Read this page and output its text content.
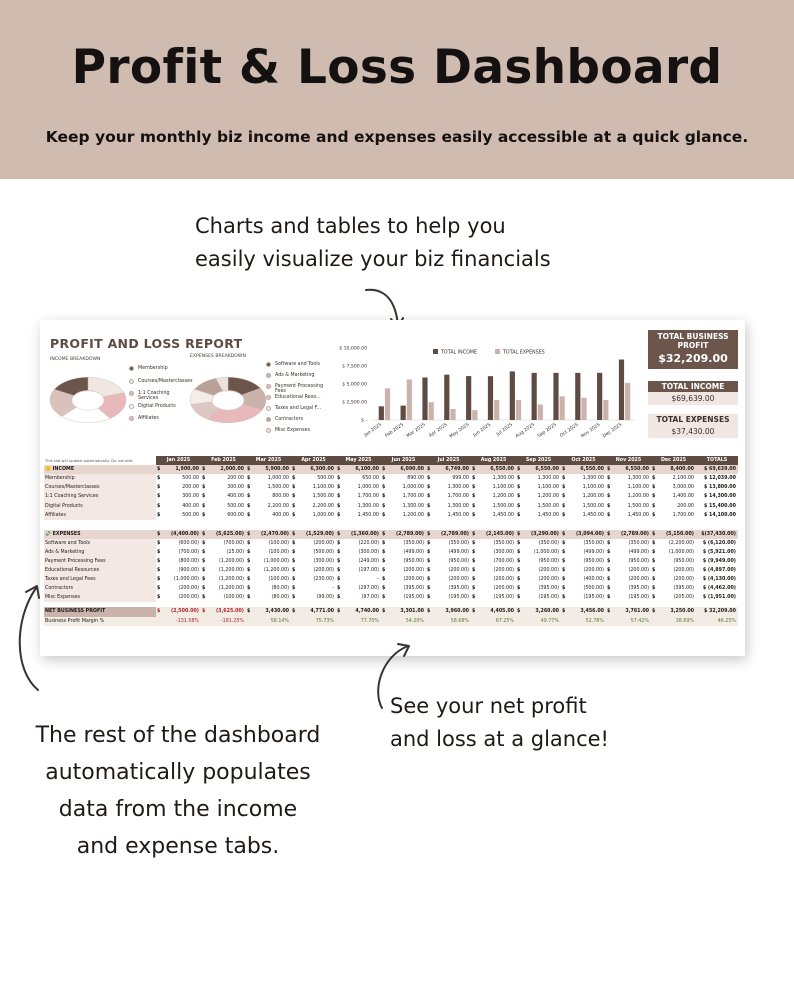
Profit & Loss Dashboard
Keep your monthly biz income and expenses easily accessible at a quick glance.
Charts and tables to help you
easily visualize your biz financials
PROFIT AND LOSS REPORT
INCOME BREAKDOWN
EXPENSES BREAKDOWN
$ -
$ 2,500.00
$ 5,000.00
$ 7,500.00
$ 10,000.00
Jan 2025 Feb 2025 Mar 2025 Apr 2025 May 2025 Jun 2025 Jul 2025 Aug 2025 Sep 2025 Oct 2025 Nov 2025 Dec 2025
TOTAL INCOME	TOTAL EXPENSES
Membership
Courses/Masterclasses
1:1 Coaching Services
Digital Products
Affiliates
Software and Tools
Ads & Marketing
Payment Processing Fees
Educational Reso...
Taxes and Legal F...
Contractors
Misc Expenses
TOTAL BUSINESS PROFIT
$32,209.00
TOTAL INCOME
$69,639.00
TOTAL EXPENSES
$37,430.00
This tab will update automatically. Do not edit.	Jan 2025	Feb 2025	Mar 2025	Apr 2025	May 2025	Jun 2025	Jul 2025	Aug 2025	Sep 2025	Oct 2025	Nov 2025	Dec 2025	TOTALS
🙂 INCOME	$ 1,900.00	$ 2,000.00	$ 5,900.00	$ 6,300.00	$ 6,100.00	$ 6,090.00	$ 6,749.00	$ 6,550.00	$ 6,550.00	$ 6,550.00	$ 6,550.00	$ 8,400.00	$ 69,639.00
Membership	$ 500.00	$ 200.00	$ 1,000.00	$ 500.00	$ 650.00	$ 890.00	$ 999.00	$ 1,300.00	$ 1,300.00	$ 1,300.00	$ 1,300.00	$ 2,100.00	$ 12,039.00
Courses/Masterclasses	$ 200.00	$ 300.00	$ 1,500.00	$ 1,100.00	$ 1,000.00	$ 1,000.00	$ 1,300.00	$ 1,100.00	$ 1,100.00	$ 1,100.00	$ 1,100.00	$ 3,000.00	$ 13,800.00
1:1 Coaching Services	$ 300.00	$ 400.00	$ 800.00	$ 1,500.00	$ 1,700.00	$ 1,700.00	$ 1,700.00	$ 1,200.00	$ 1,200.00	$ 1,200.00	$ 1,200.00	$ 1,400.00	$ 14,300.00
Digital Products	$ 400.00	$ 500.00	$ 2,200.00	$ 2,200.00	$ 1,300.00	$ 1,300.00	$ 1,300.00	$ 1,500.00	$ 1,500.00	$ 1,500.00	$ 1,500.00	$ 200.00	$ 15,400.00
Affiliates	$ 500.00	$ 600.00	$ 400.00	$ 1,000.00	$ 1,450.00	$ 1,200.00	$ 1,450.00	$ 1,450.00	$ 1,450.00	$ 1,450.00	$ 1,450.00	$ 1,700.00	$ 14,100.00

💸 EXPENSES	$ (4,400.00)	$ (5,625.00)	$ (2,470.00)	$ (1,529.00)	$ (1,360.00)	$ (2,789.00)	$ (2,789.00)	$ (2,145.00)	$ (3,290.00)	$ (3,094.00)	$ (2,789.00)	$ (5,150.00)	$(37,430.00)
Software and Tools	$ (600.00)	$ (700.00)	$ (100.00)	$ (200.00)	$ (220.00)	$ (350.00)	$ (350.00)	$ (350.00)	$ (350.00)	$ (350.00)	$ (350.00)	$ (2,200.00)	$ (6,120.00)
Ads & Marketing	$ (700.00)	$ (25.00)	$ (100.00)	$ (500.00)	$ (300.00)	$ (499.00)	$ (499.00)	$ (300.00)	$ (1,000.00)	$ (499.00)	$ (499.00)	$ (1,000.00)	$ (5,921.00)
Payment Processing Fees	$ (800.00)	$ (1,200.00)	$ (1,000.00)	$ (300.00)	$ (249.00)	$ (950.00)	$ (950.00)	$ (700.00)	$ (950.00)	$ (950.00)	$ (950.00)	$ (950.00)	$ (9,949.00)
Educational Resources	$ (900.00)	$ (1,200.00)	$ (1,200.00)	$ (200.00)	$ (197.00)	$ (200.00)	$ (200.00)	$ (200.00)	$ (200.00)	$ (200.00)	$ (200.00)	$ (200.00)	$ (4,897.00)
Taxes and Legal Fees	$ (1,000.00)	$ (1,200.00)	$ (100.00)	$ (230.00)	$ -	$ (200.00)	$ (200.00)	$ (200.00)	$ (200.00)	$ (400.00)	$ (200.00)	$ (200.00)	$ (4,130.00)
Contractors	$ (200.00)	$ (1,200.00)	$ (80.00)	$ -	$ (297.00)	$ (395.00)	$ (395.00)	$ (200.00)	$ (395.00)	$ (500.00)	$ (395.00)	$ (395.00)	$ (4,462.00)
Misc Expenses	$ (200.00)	$ (100.00)	$ (80.00)	$ (99.00)	$ (97.00)	$ (195.00)	$ (195.00)	$ (195.00)	$ (195.00)	$ (195.00)	$ (195.00)	$ (205.00)	$ (1,951.00)

NET BUSINESS PROFIT	$ (2,500.00)	$ (3,625.00)	$ 3,430.00	$ 4,771.00	$ 4,740.00	$ 3,301.00	$ 3,960.00	$ 4,405.00	$ 3,260.00	$ 3,456.00	$ 3,761.00	$ 3,250.00	$ 32,209.00
Business Profit Margin %	-131.58%	-181.25%	58.14%	75.73%	77.70%	54.20%	58.68%	67.25%	49.77%	52.76%	57.42%	38.69%	46.25%
The rest of the dashboard
automatically populates
data from the income
and expense tabs.
See your net profit
and loss at a glance!
